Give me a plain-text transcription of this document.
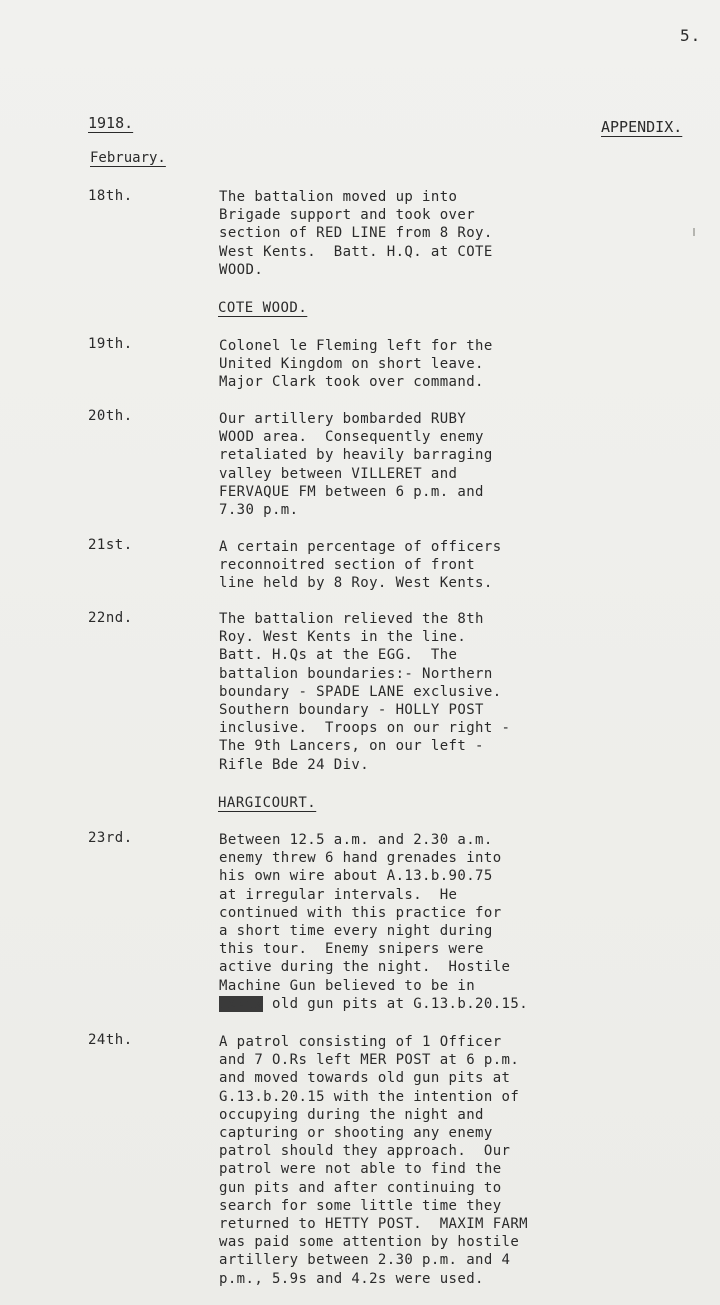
5.
1918.	APPENDIX.
February.
18th.	The battalion moved up into
Brigade support and took over
section of RED LINE from 8 Roy.
West Kents.  Batt. H.Q. at COTE
WOOD.
COTE WOOD.
19th.	Colonel le Fleming left for the
United Kingdom on short leave.
Major Clark took over command.
20th.	Our artillery bombarded RUBY
WOOD area.  Consequently enemy
retaliated by heavily barraging
valley between VILLERET and
FERVAQUE FM between 6 p.m. and
7.30 p.m.
21st.	A certain percentage of officers
reconnoitred section of front
line held by 8 Roy. West Kents.
22nd.	The battalion relieved the 8th
Roy. West Kents in the line.
Batt. H.Qs at the EGG.  The
battalion boundaries:- Northern
boundary - SPADE LANE exclusive.
Southern boundary - HOLLY POST
inclusive.  Troops on our right -
The 9th Lancers, on our left -
Rifle Bde 24 Div.
HARGICOURT.
23rd.	Between 12.5 a.m. and 2.30 a.m.
enemy threw 6 hand grenades into
his own wire about A.13.b.90.75
at irregular intervals.  He
continued with this practice for
a short time every night during
this tour.  Enemy snipers were
active during the night.  Hostile
Machine Gun believed to be in
xxxxx old gun pits at G.13.b.20.15.
24th.	A patrol consisting of 1 Officer
and 7 O.Rs left MER POST at 6 p.m.
and moved towards old gun pits at
G.13.b.20.15 with the intention of
occupying during the night and
capturing or shooting any enemy
patrol should they approach.  Our
patrol were not able to find the
gun pits and after continuing to
search for some little time they
returned to HETTY POST.  MAXIM FARM
was paid some attention by hostile
artillery between 2.30 p.m. and 4
p.m., 5.9s and 4.2s were used.
